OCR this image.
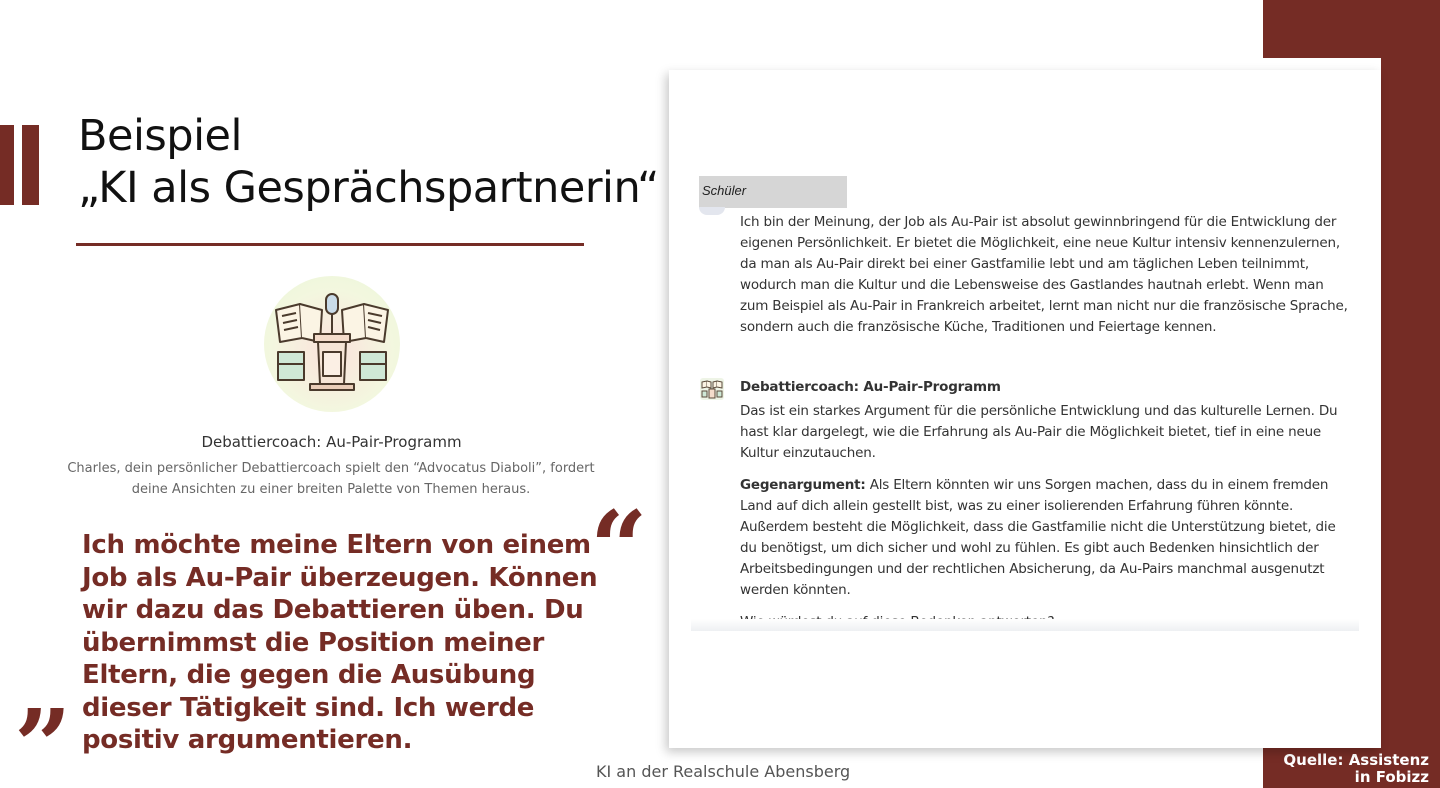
Quelle: Assistenz
in Fobizz
Beispiel
„KI als Gesprächspartnerin“
Debattiercoach: Au-Pair-Programm
Charles, dein persönlicher Debattiercoach spielt den “Advocatus Diaboli”, fordert deine Ansichten zu einer breiten Palette von Themen heraus. “
Ich möchte meine Eltern von einem Job als Au-Pair überzeugen. Können wir dazu das Debattieren üben. Du übernimmst die Position meiner Eltern, die gegen die Ausübung dieser Tätigkeit sind. Ich werde positiv argumentieren.
”	KI an der Realschule Abensberg
Schüler
Ich bin der Meinung, der Job als Au-Pair ist absolut gewinnbringend für die Entwicklung der eigenen Persönlichkeit. Er bietet die Möglichkeit, eine neue Kultur intensiv kennenzulernen, da man als Au-Pair direkt bei einer Gastfamilie lebt und am täglichen Leben teilnimmt, wodurch man die Kultur und die Lebensweise des Gastlandes hautnah erlebt. Wenn man zum Beispiel als Au-Pair in Frankreich arbeitet, lernt man nicht nur die französische Sprache, sondern auch die französische Küche, Traditionen und Feiertage kennen.
Debattiercoach: Au-Pair-Programm

Das ist ein starkes Argument für die persönliche Entwicklung und das kulturelle Lernen. Du hast klar dargelegt, wie die Erfahrung als Au-Pair die Möglichkeit bietet, tief in eine neue Kultur einzutauchen.

Gegenargument: Als Eltern könnten wir uns Sorgen machen, dass du in einem fremden Land auf dich allein gestellt bist, was zu einer isolierenden Erfahrung führen könnte. Außerdem besteht die Möglichkeit, dass die Gastfamilie nicht die Unterstützung bietet, die du benötigst, um dich sicher und wohl zu fühlen. Es gibt auch Bedenken hinsichtlich der Arbeitsbedingungen und der rechtlichen Absicherung, da Au-Pairs manchmal ausgenutzt werden könnten.
